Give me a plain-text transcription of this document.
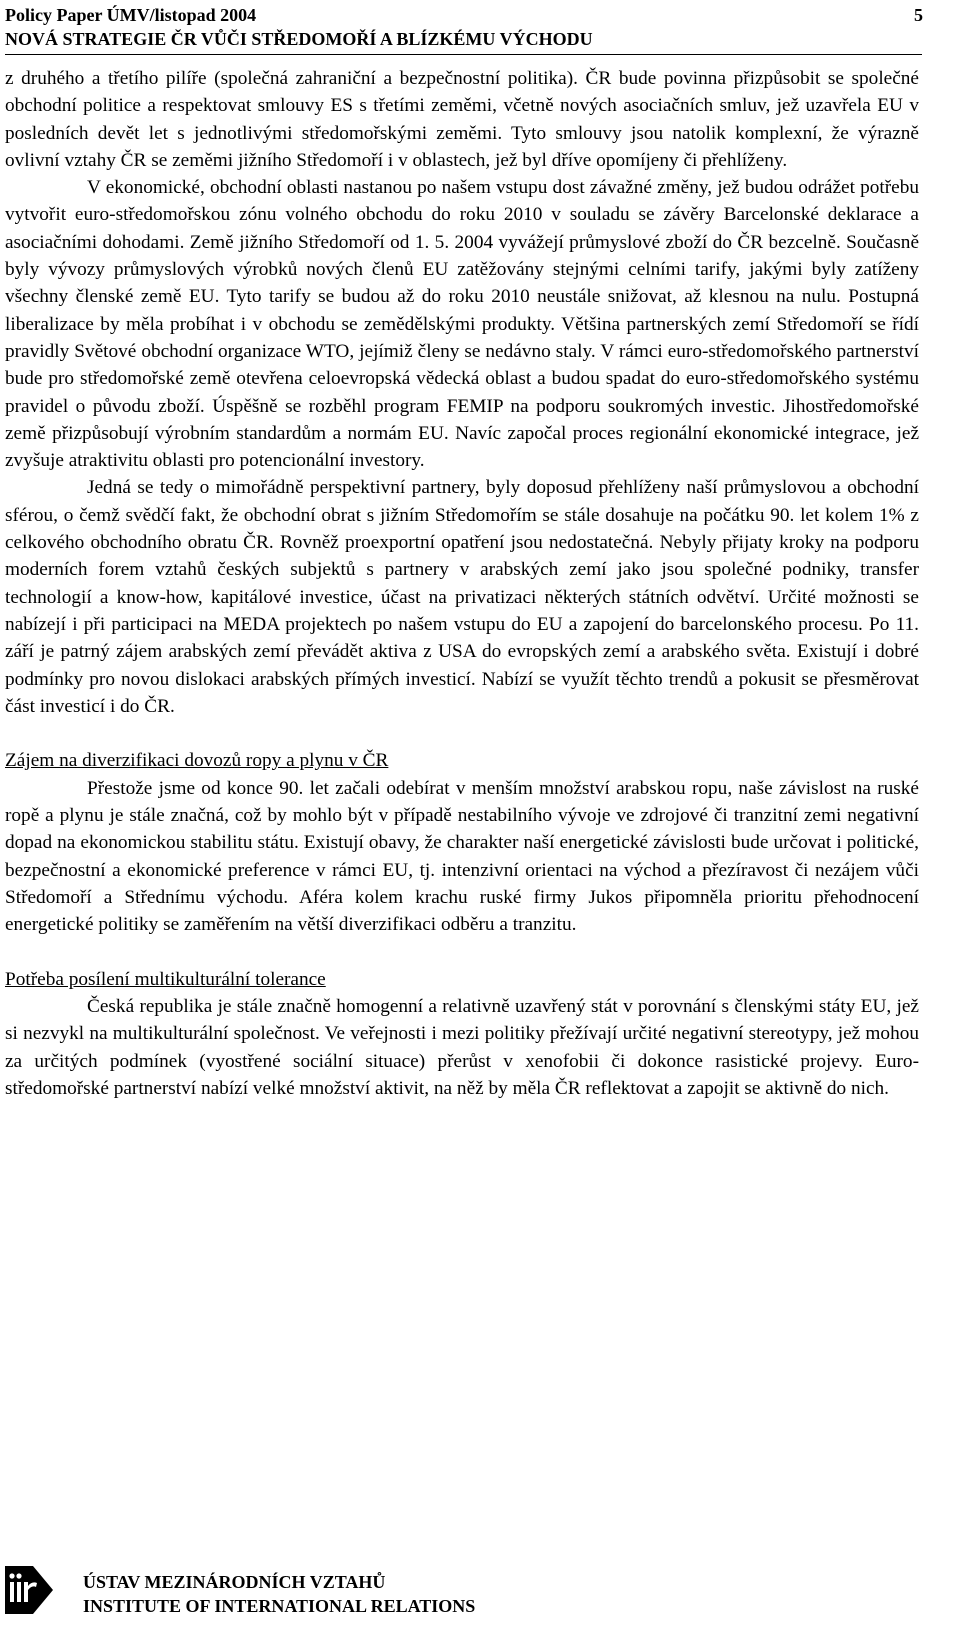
Policy Paper ÚMV/listopad 2004
NOVÁ STRATEGIE ČR VŮČI STŘEDOMOŘÍ A BLÍZKÉMU VÝCHODU
5

z druhého a třetího pilíře (společná zahraniční a bezpečnostní politika). ČR bude povinna přizpůsobit se společné obchodní politice a respektovat smlouvy ES s třetími zeměmi, včetně nových asociačních smluv, jež uzavřela EU v posledních devět let s jednotlivými středomořskými zeměmi. Tyto smlouvy jsou natolik komplexní, že výrazně ovlivní vztahy ČR se zeměmi jižního Středomoří i v oblastech, jež byl dříve opomíjeny či přehlíženy.

V ekonomické, obchodní oblasti nastanou po našem vstupu dost závažné změny, jež budou odrážet potřebu vytvořit euro-středomořskou zónu volného obchodu do roku 2010 v souladu se závěry Barcelonské deklarace a asociačními dohodami. Země jižního Středomoří od 1. 5. 2004 vyvážejí průmyslové zboží do ČR bezcelně. Současně byly vývozy průmyslových výrobků nových členů EU zatěžovány stejnými celními tarify, jakými byly zatíženy všechny členské země EU. Tyto tarify se budou až do roku 2010 neustále snižovat, až klesnou na nulu. Postupná liberalizace by měla probíhat i v obchodu se zemědělskými produkty. Většina partnerských zemí Středomoří se řídí pravidly Světové obchodní organizace WTO, jejímiž členy se nedávno staly. V rámci euro-středomořského partnerství bude pro středomořské země otevřena celoevropská vědecká oblast a budou spadat do euro-středomořského systému pravidel o původu zboží. Úspěšně se rozběhl program FEMIP na podporu soukromých investic. Jihostředomořské země přizpůsobují výrobním standardům a normám EU. Navíc započal proces regionální ekonomické integrace, jež zvyšuje atraktivitu oblasti pro potencionální investory.

Jedná se tedy o mimořádně perspektivní partnery, byly doposud přehlíženy naší průmyslovou a obchodní sférou, o čemž svědčí fakt, že obchodní obrat s jižním Středomořím se stále dosahuje na počátku 90. let kolem 1% z celkového obchodního obratu ČR. Rovněž proexportní opatření jsou nedostatečná. Nebyly přijaty kroky na podporu moderních forem vztahů českých subjektů s partnery v arabských zemí jako jsou společné podniky, transfer technologií a know-how, kapitálové investice, účast na privatizaci některých státních odvětví. Určité možnosti se nabízejí i při participaci na MEDA projektech po našem vstupu do EU a zapojení do barcelonského procesu. Po 11. září je patrný zájem arabských zemí převádět aktiva z USA do evropských zemí a arabského světa. Existují i dobré podmínky pro novou dislokaci arabských přímých investicí. Nabízí se využít těchto trendů a pokusit se přesměrovat část investicí i do ČR.

Zájem na diverzifikaci dovozů ropy a plynu v ČR

Přestože jsme od konce 90. let začali odebírat v menším množství arabskou ropu, naše závislost na ruské ropě a plynu je stále značná, což by mohlo být v případě nestabilního vývoje ve zdrojové či tranzitní zemi negativní dopad na ekonomickou stabilitu státu. Existují obavy, že charakter naší energetické závislosti bude určovat i politické, bezpečnostní a ekonomické preference v rámci EU, tj. intenzivní orientaci na východ a přezíravost či nezájem vůči Středomoří a Střednímu východu. Aféra kolem krachu ruské firmy Jukos připomněla prioritu přehodnocení energetické politiky se zaměřením na větší diverzifikaci odběru a tranzitu.

Potřeba posílení multikulturální tolerance

Česká republika je stále značně homogenní a relativně uzavřený stát v porovnání s členskými státy EU, jež si nezvykl na multikulturální společnost. Ve veřejnosti i mezi politiky přežívají určité negativní stereotypy, jež mohou za určitých podmínek (vyostřené sociální situace) přerůst v xenofobii či dokonce rasistické projevy. Euro-středomořské partnerství nabízí velké množství aktivit, na něž by měla ČR reflektovat a zapojit se aktivně do nich.

ÚSTAV MEZINÁRODNÍCH VZTAHŮ
INSTITUTE OF INTERNATIONAL RELATIONS
